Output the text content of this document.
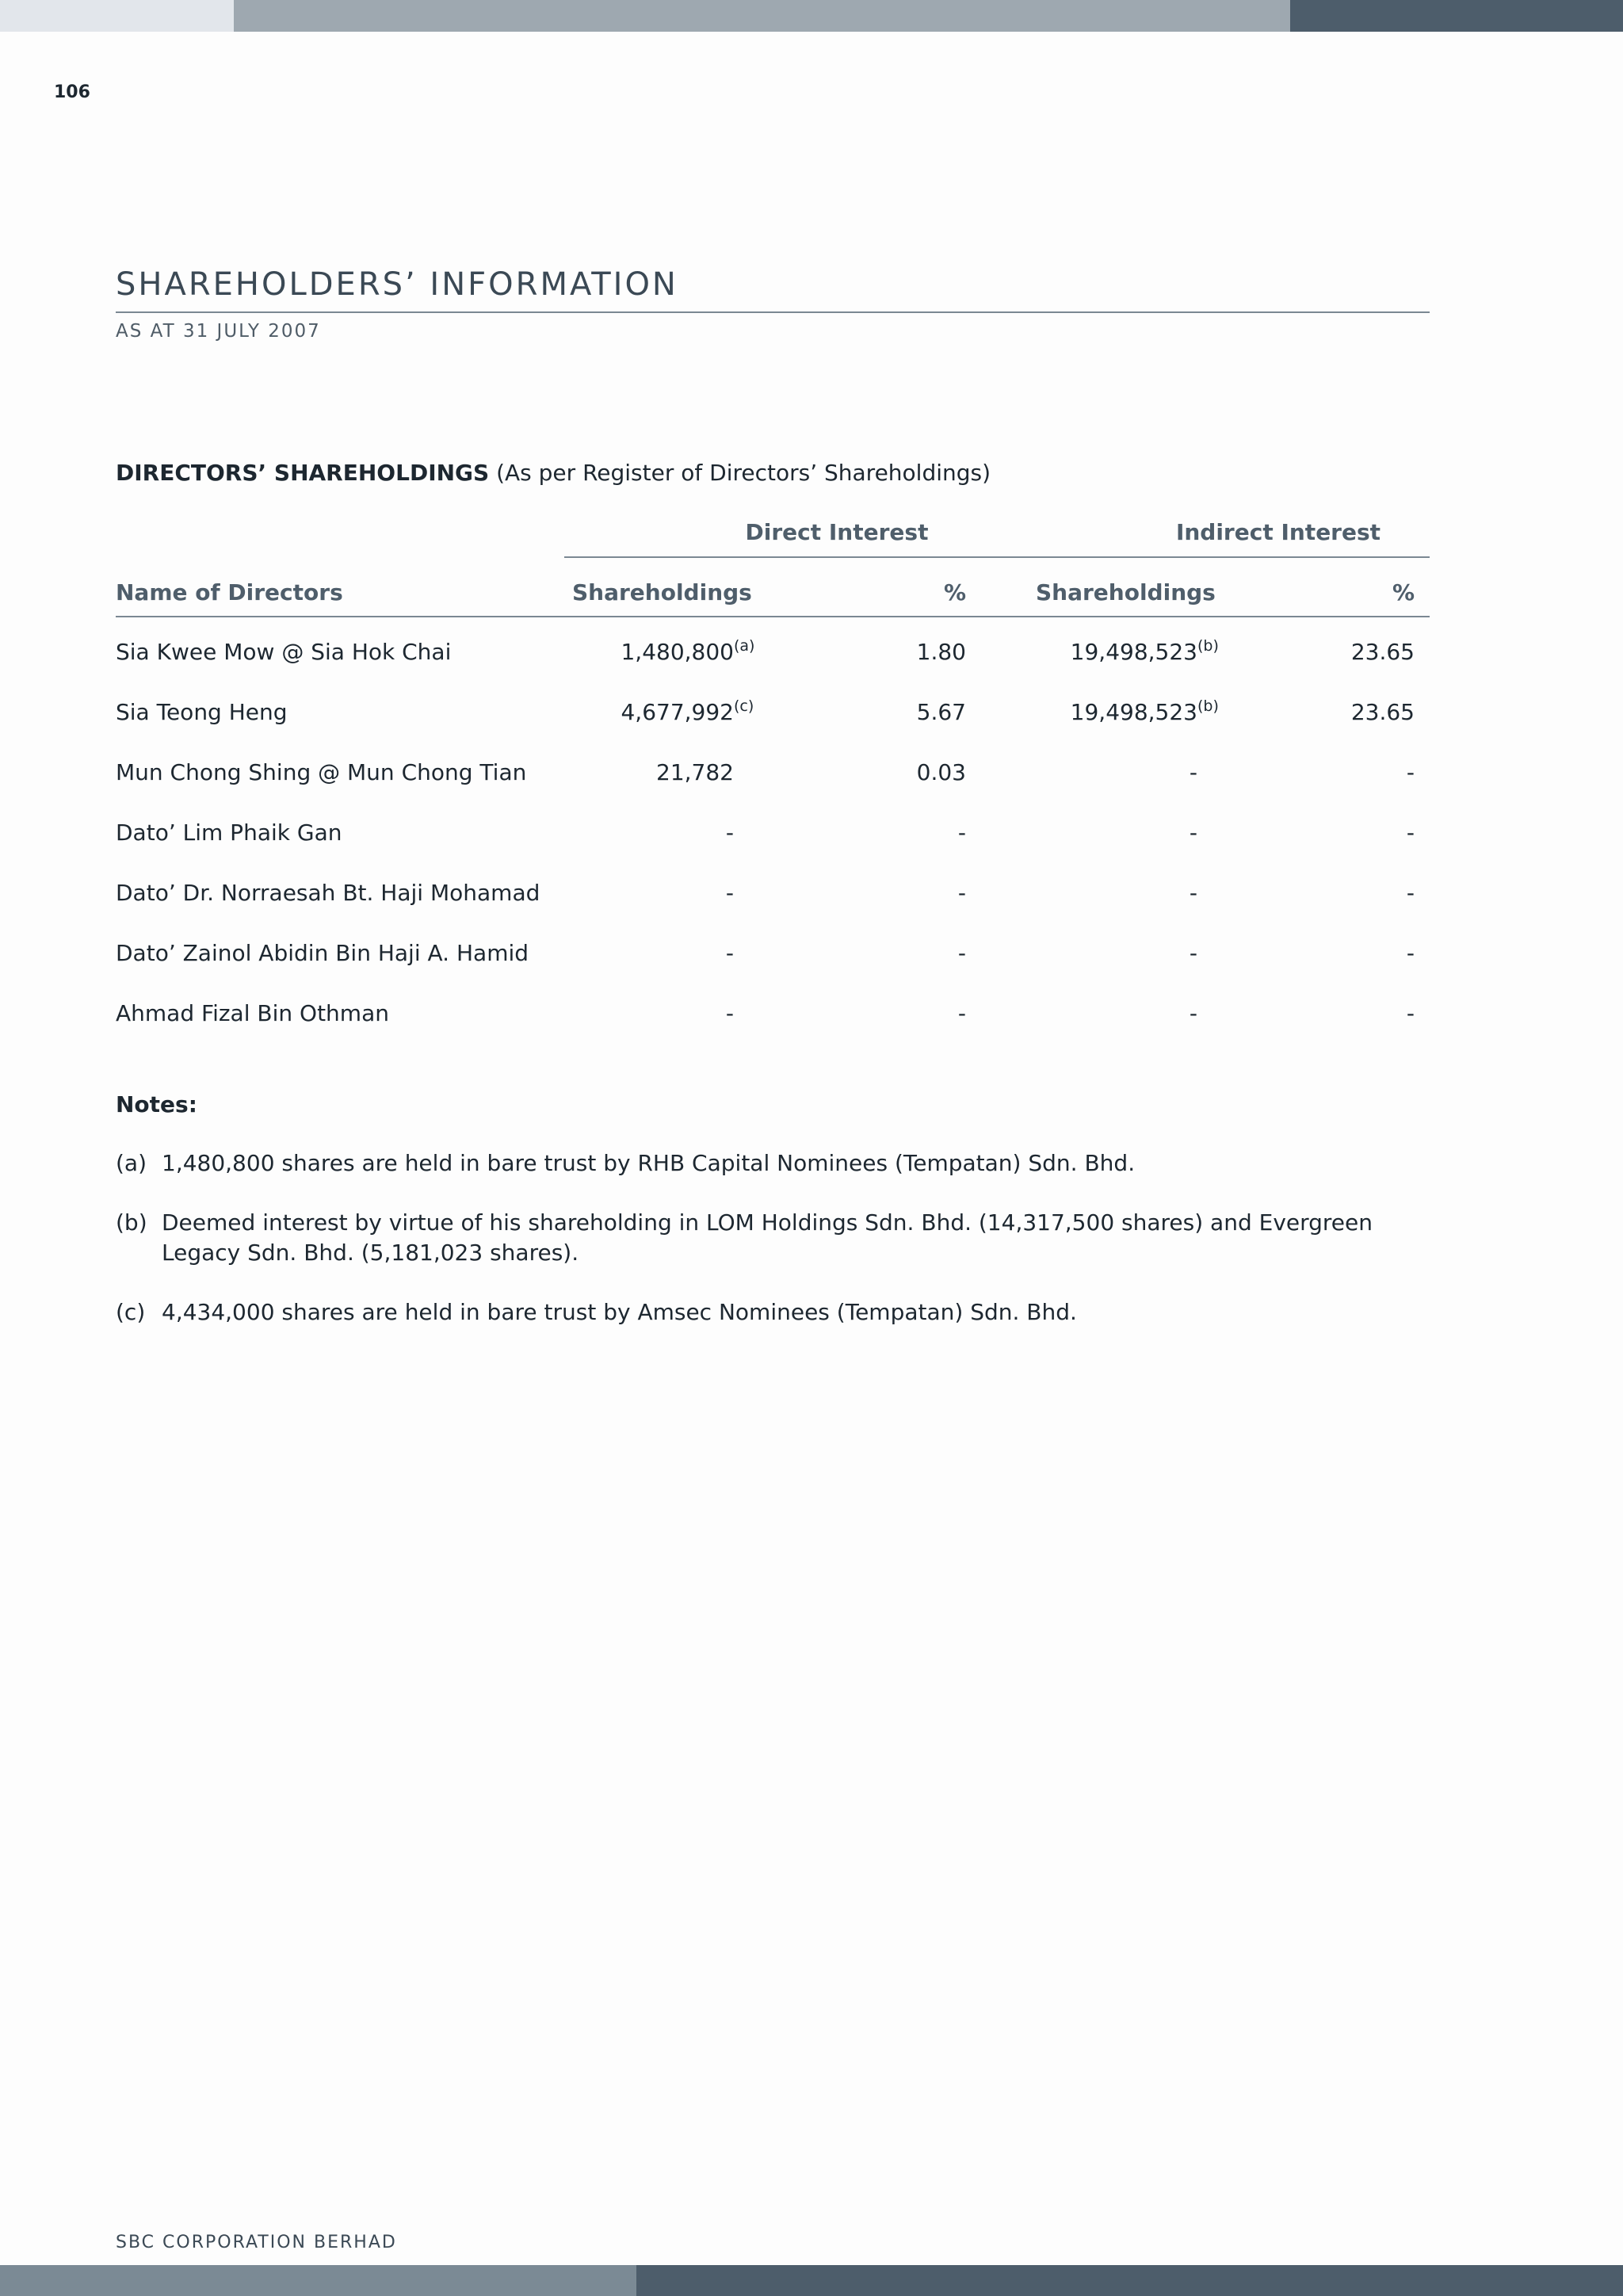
106
SHAREHOLDERS’ INFORMATION
AS AT 31 JULY 2007
DIRECTORS’ SHAREHOLDINGS (As per Register of Directors’ Shareholdings)
Direct Interest	Indirect Interest
Name of Directors	Shareholdings	%	Shareholdings	%
Sia Kwee Mow @ Sia Hok Chai	1,480,800 (a)	1.80	19,498,523 (b)	23.65
Sia Teong Heng	4,677,992 (c)	5.67	19,498,523 (b)	23.65
Mun Chong Shing @ Mun Chong Tian	21,782	0.03	-	-
Dato’ Lim Phaik Gan	-	-	-	-
Dato’ Dr. Norraesah Bt. Haji Mohamad	-	-	-	-
Dato’ Zainol Abidin Bin Haji A. Hamid	-	-	-	-
Ahmad Fizal Bin Othman	-	-	-	-
Notes:
(a) 1,480,800 shares are held in bare trust by RHB Capital Nominees (Tempatan) Sdn. Bhd.
(b) Deemed interest by virtue of his shareholding in LOM Holdings Sdn. Bhd. (14,317,500 shares) and Evergreen Legacy Sdn. Bhd. (5,181,023 shares).
(c) 4,434,000 shares are held in bare trust by Amsec Nominees (Tempatan) Sdn. Bhd.
SBC CORPORATION BERHAD
